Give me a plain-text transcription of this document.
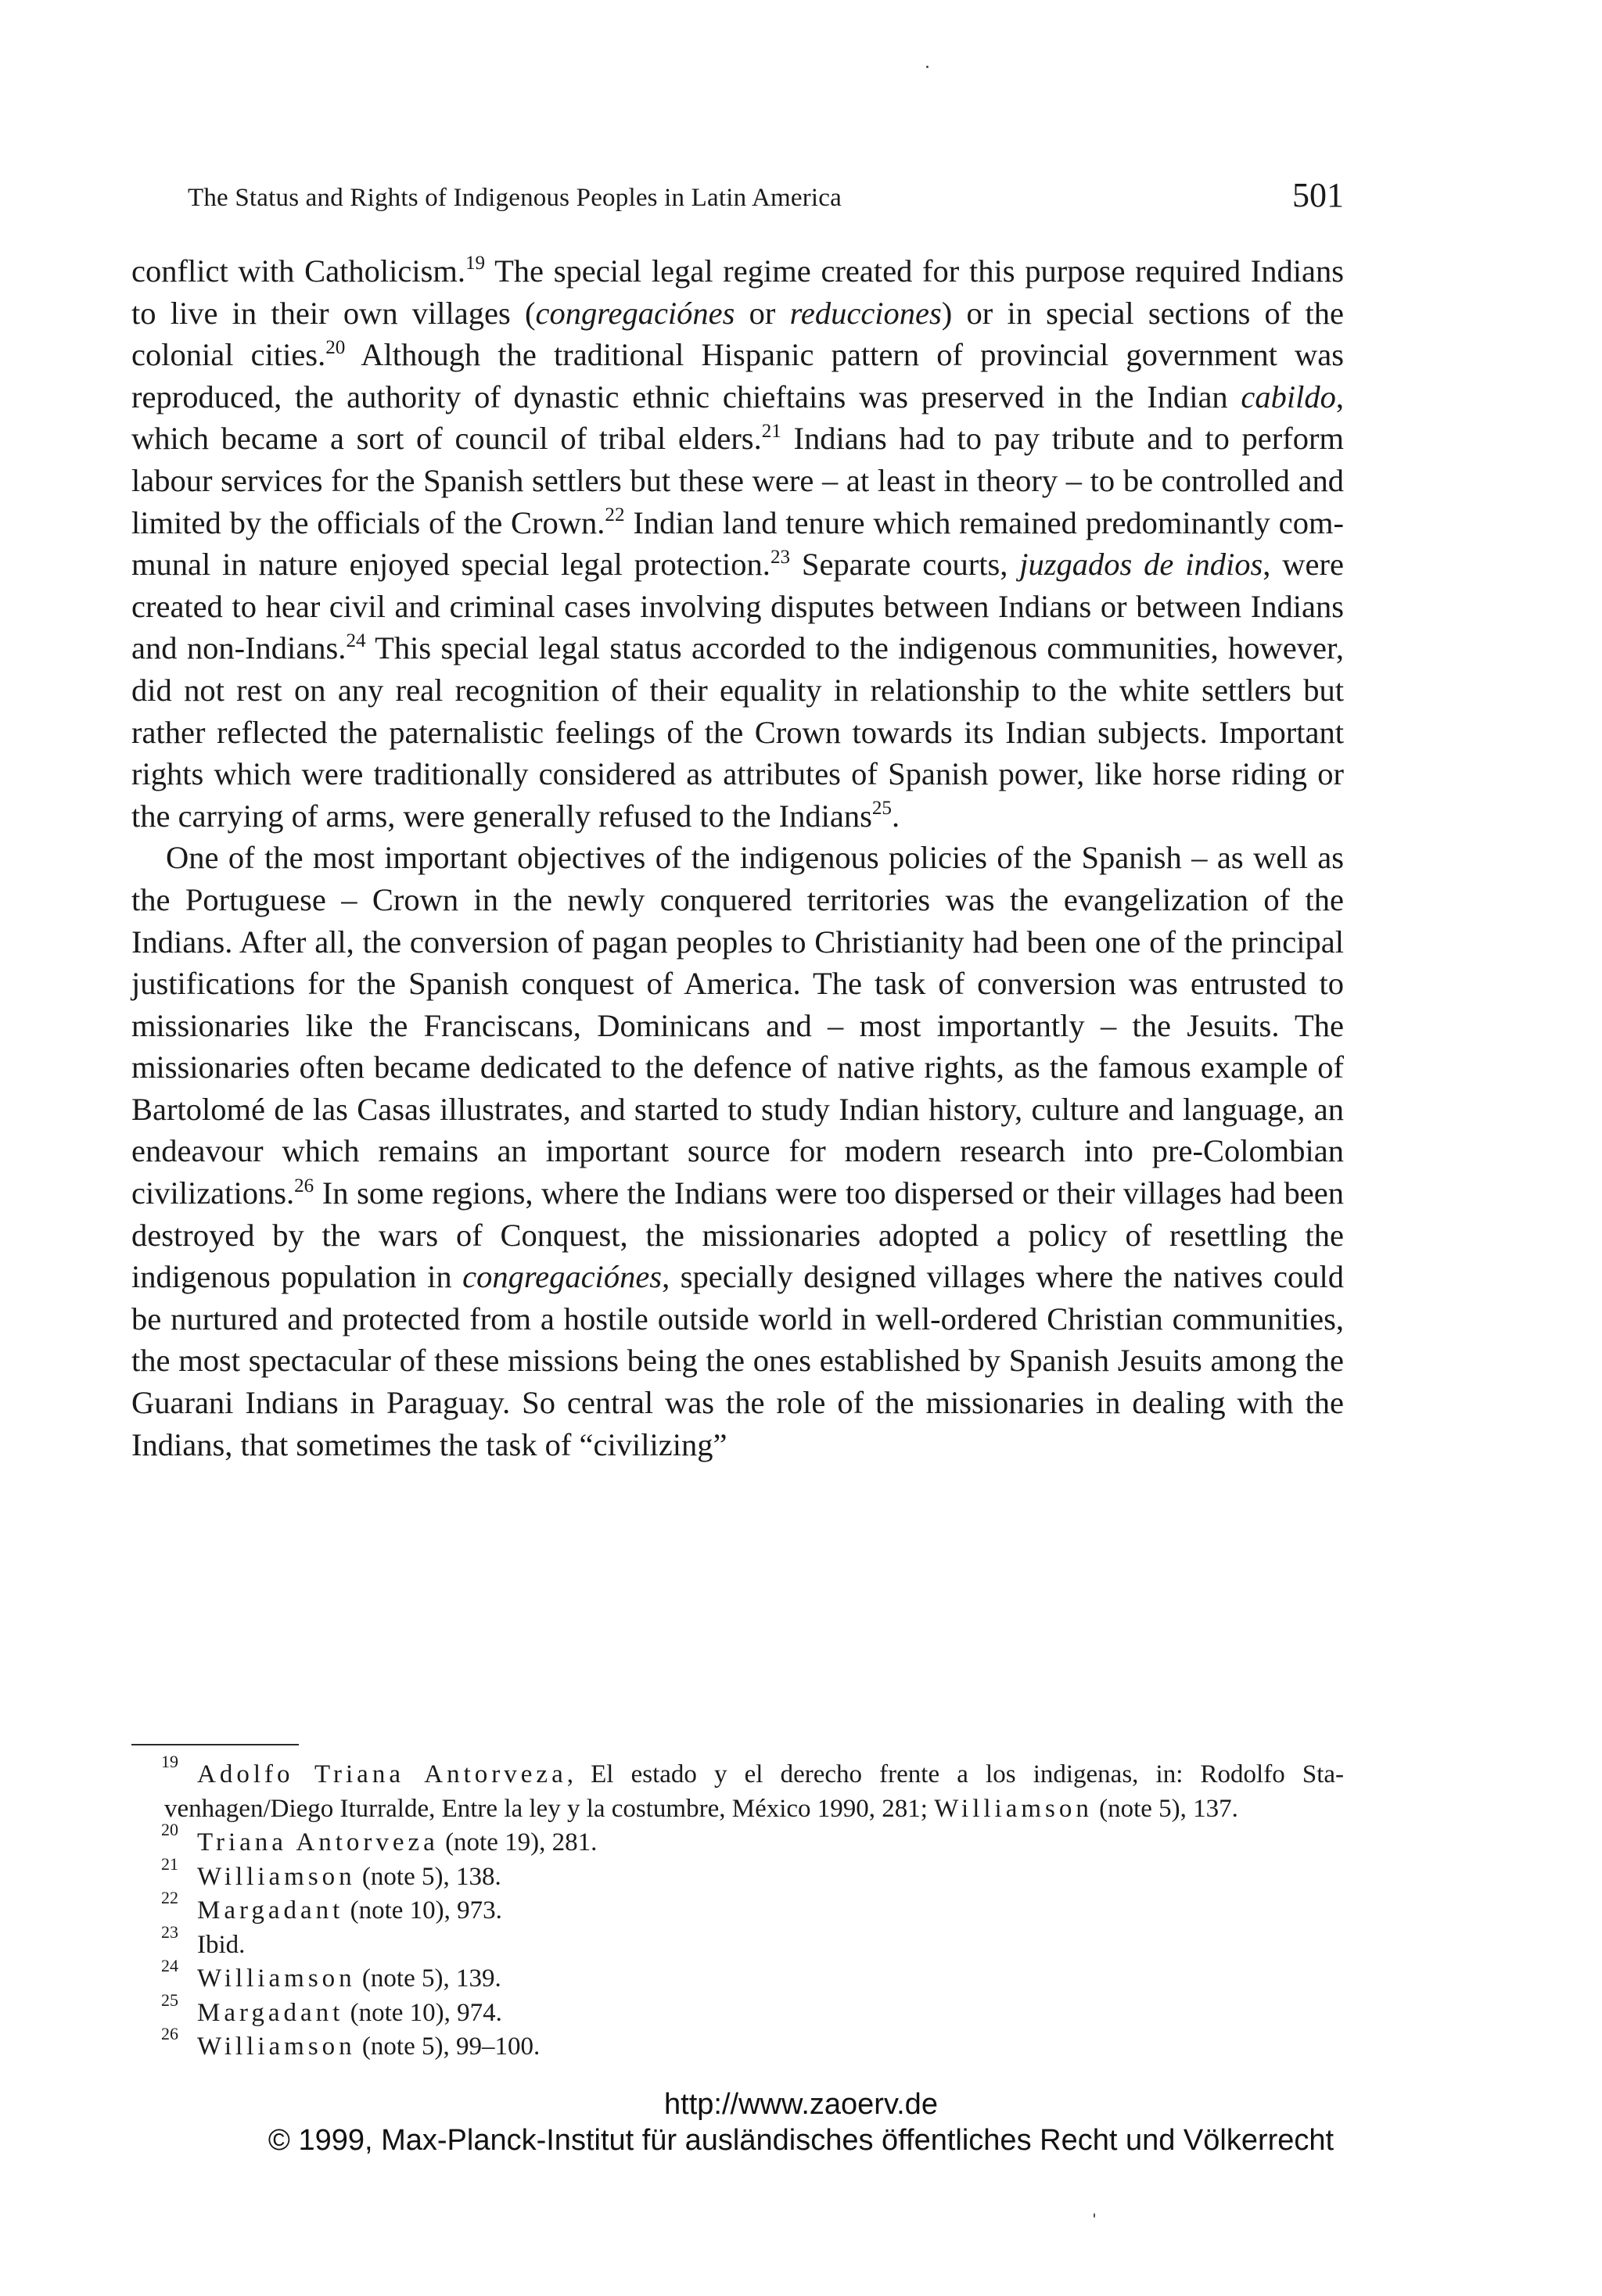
The Status and Rights of Indigenous Peoples in Latin America	501

conflict with Catholicism.$^{19}$ The special legal regime created for this purpose required Indians to live in their own villages (congregaciónes or reducciones) or in special sections of the colonial cities.$^{20}$ Although the traditional Hispanic pattern of provincial government was reproduced, the authority of dynastic ethnic chieftains was preserved in the Indian cabildo, which became a sort of council of tribal elders.$^{21}$ Indians had to pay tribute and to perform labour services for the Spanish settlers but these were – at least in theory – to be controlled and limited by the officials of the Crown.$^{22}$ Indian land tenure which remained predominantly communal in nature enjoyed special legal protection.$^{23}$ Separate courts, juzgados de indios, were created to hear civil and criminal cases involving disputes between Indians or between Indians and non-Indians.$^{24}$ This special legal status accorded to the indigenous communities, however, did not rest on any real recognition of their equality in relationship to the white settlers but rather reflected the paternalistic feelings of the Crown towards its Indian subjects. Important rights which were traditionally considered as attributes of Spanish power, like horse riding or the carrying of arms, were generally refused to the Indians$^{25}$.

One of the most important objectives of the indigenous policies of the Spanish – as well as the Portuguese – Crown in the newly conquered territories was the evangelization of the Indians. After all, the conversion of pagan peoples to Christianity had been one of the principal justifications for the Spanish conquest of America. The task of conversion was entrusted to missionaries like the Franciscans, Dominicans and – most importantly – the Jesuits. The missionaries often became dedicated to the defence of native rights, as the famous example of Bartolomé de las Casas illustrates, and started to study Indian history, culture and language, an endeavour which remains an important source for modern research into pre-Colombian civilizations.$^{26}$ In some regions, where the Indians were too dispersed or their villages had been destroyed by the wars of Conquest, the missionaries adopted a policy of resettling the indigenous population in congregaciónes, specially designed villages where the natives could be nurtured and protected from a hostile outside world in well-ordered Christian communities, the most spectacular of these missions being the ones established by Spanish Jesuits among the Guarani Indians in Paraguay. So central was the role of the missionaries in dealing with the Indians, that sometimes the task of “civilizing”

19 Adolfo Triana Antorveza, El estado y el derecho frente a los indigenas, in: Rodolfo Stavenhagen/Diego Iturralde, Entre la ley y la costumbre, México 1990, 281; Williamson (note 5), 137.
20 Triana Antorveza (note 19), 281.
21 Williamson (note 5), 138.
22 Margadant (note 10), 973.
23 Ibid.
24 Williamson (note 5), 139.
25 Margadant (note 10), 974.
26 Williamson (note 5), 99–100.
http://www.zaoerv.de
© 1999, Max-Planck-Institut für ausländisches öffentliches Recht und Völkerrecht
